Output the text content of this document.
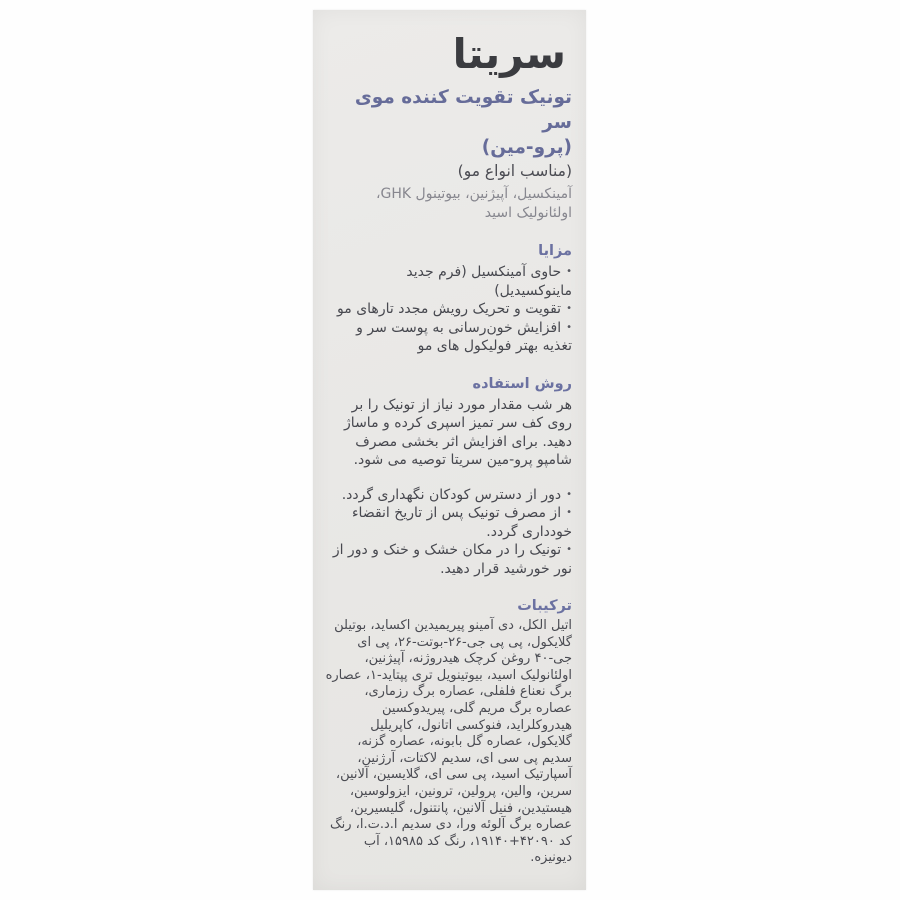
سریتا
تونیک تقویت کننده موی سر
(پرو-مین)
(مناسب انواع مو)
آمینکسیل، آپیژنین، بیوتینول GHK، اولئانولیک اسید
مزایا
• حاوی آمینکسیل (فرم جدید ماینوکسیدیل)
• تقویت و تحریک رویش مجدد تارهای مو
• افزایش خون‌رسانی به پوست سر و تغذیه بهتر فولیکول های مو
روش استفاده
هر شب مقدار مورد نیاز از تونیک را بر روی کف سر تمیز اسپری کرده و ماساژ دهید. برای افزایش اثر بخشی مصرف شامپو پرو-مین سریتا توصیه می شود.
• دور از دسترس کودکان نگهداری گردد.
• از مصرف تونیک پس از تاریخ انقضاء خودداری گردد.
• تونیک را در مکان خشک و خنک و دور از نور خورشید قرار دهید.
ترکیبات
اتیل الکل، دی آمینو پیریمیدین اکساید، بوتیلن گلایکول، پی پی جی-۲۶-بوتت-۲۶، پی ای جی-۴۰ روغن کرچک هیدروژنه، آپیژنین، اولئانولیک اسید، بیوتینویل تری پپتاید-۱، عصاره برگ نعناع فلفلی، عصاره برگ رزماری، عصاره برگ مریم گلی، پیریدوکسین هیدروکلراید، فنوکسی اتانول، کاپریلیل گلایکول، عصاره گل بابونه، عصاره گزنه، سدیم پی سی ای، سدیم لاکتات، آرژنین، آسپارتیک اسید، پی سی ای، گلایسین، آلانین، سرین، والین، پرولین، ترونین، ایزولوسین، هیستیدین، فنیل آلانین، پانتنول، گلیسیرین، عصاره برگ آلوئه ورا، دی سدیم ا.د.ت.ا، رنگ کد ۴۲۰۹۰+۱۹۱۴۰، رنگ کد ۱۵۹۸۵، آب دیونیزه.
